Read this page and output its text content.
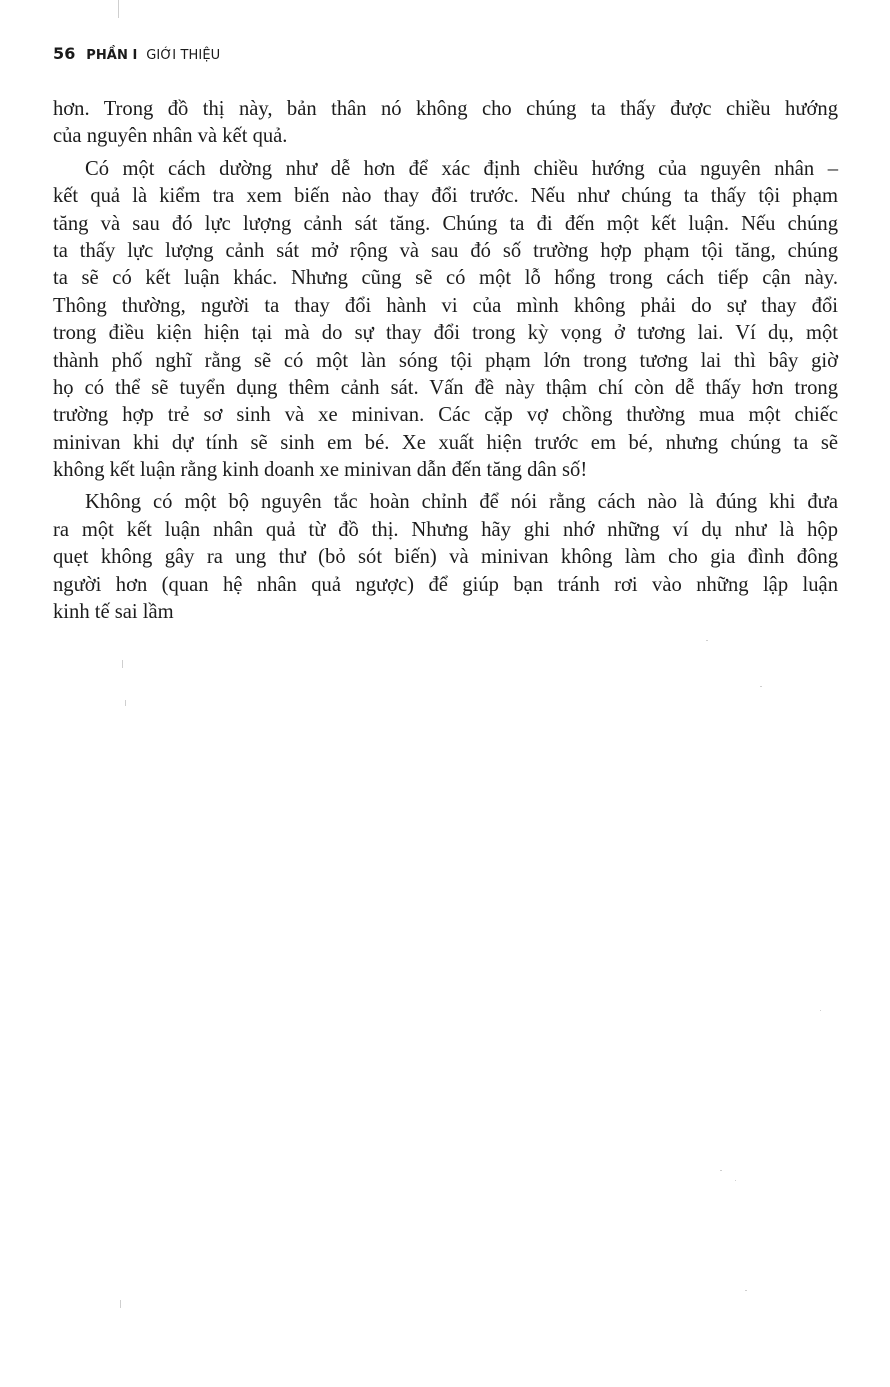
56 PHẦN I GIỚI THIỆU
hơn. Trong đồ thị này, bản thân nó không cho chúng ta thấy được chiều hướng
của nguyên nhân và kết quả.
Có một cách dường như dễ hơn để xác định chiều hướng của nguyên nhân –
kết quả là kiểm tra xem biến nào thay đổi trước. Nếu như chúng ta thấy tội phạm
tăng và sau đó lực lượng cảnh sát tăng. Chúng ta đi đến một kết luận. Nếu chúng
ta thấy lực lượng cảnh sát mở rộng và sau đó số trường hợp phạm tội tăng, chúng
ta sẽ có kết luận khác. Nhưng cũng sẽ có một lỗ hổng trong cách tiếp cận này.
Thông thường, người ta thay đổi hành vi của mình không phải do sự thay đổi
trong điều kiện hiện tại mà do sự thay đổi trong kỳ vọng ở tương lai. Ví dụ, một
thành phố nghĩ rằng sẽ có một làn sóng tội phạm lớn trong tương lai thì bây giờ
họ có thể sẽ tuyển dụng thêm cảnh sát. Vấn đề này thậm chí còn dễ thấy hơn trong
trường hợp trẻ sơ sinh và xe minivan. Các cặp vợ chồng thường mua một chiếc
minivan khi dự tính sẽ sinh em bé. Xe xuất hiện trước em bé, nhưng chúng ta sẽ
không kết luận rằng kinh doanh xe minivan dẫn đến tăng dân số!
Không có một bộ nguyên tắc hoàn chỉnh để nói rằng cách nào là đúng khi đưa
ra một kết luận nhân quả từ đồ thị. Nhưng hãy ghi nhớ những ví dụ như là hộp
quẹt không gây ra ung thư (bỏ sót biến) và minivan không làm cho gia đình đông
người hơn (quan hệ nhân quả ngược) để giúp bạn tránh rơi vào những lập luận
kinh tế sai lầm
